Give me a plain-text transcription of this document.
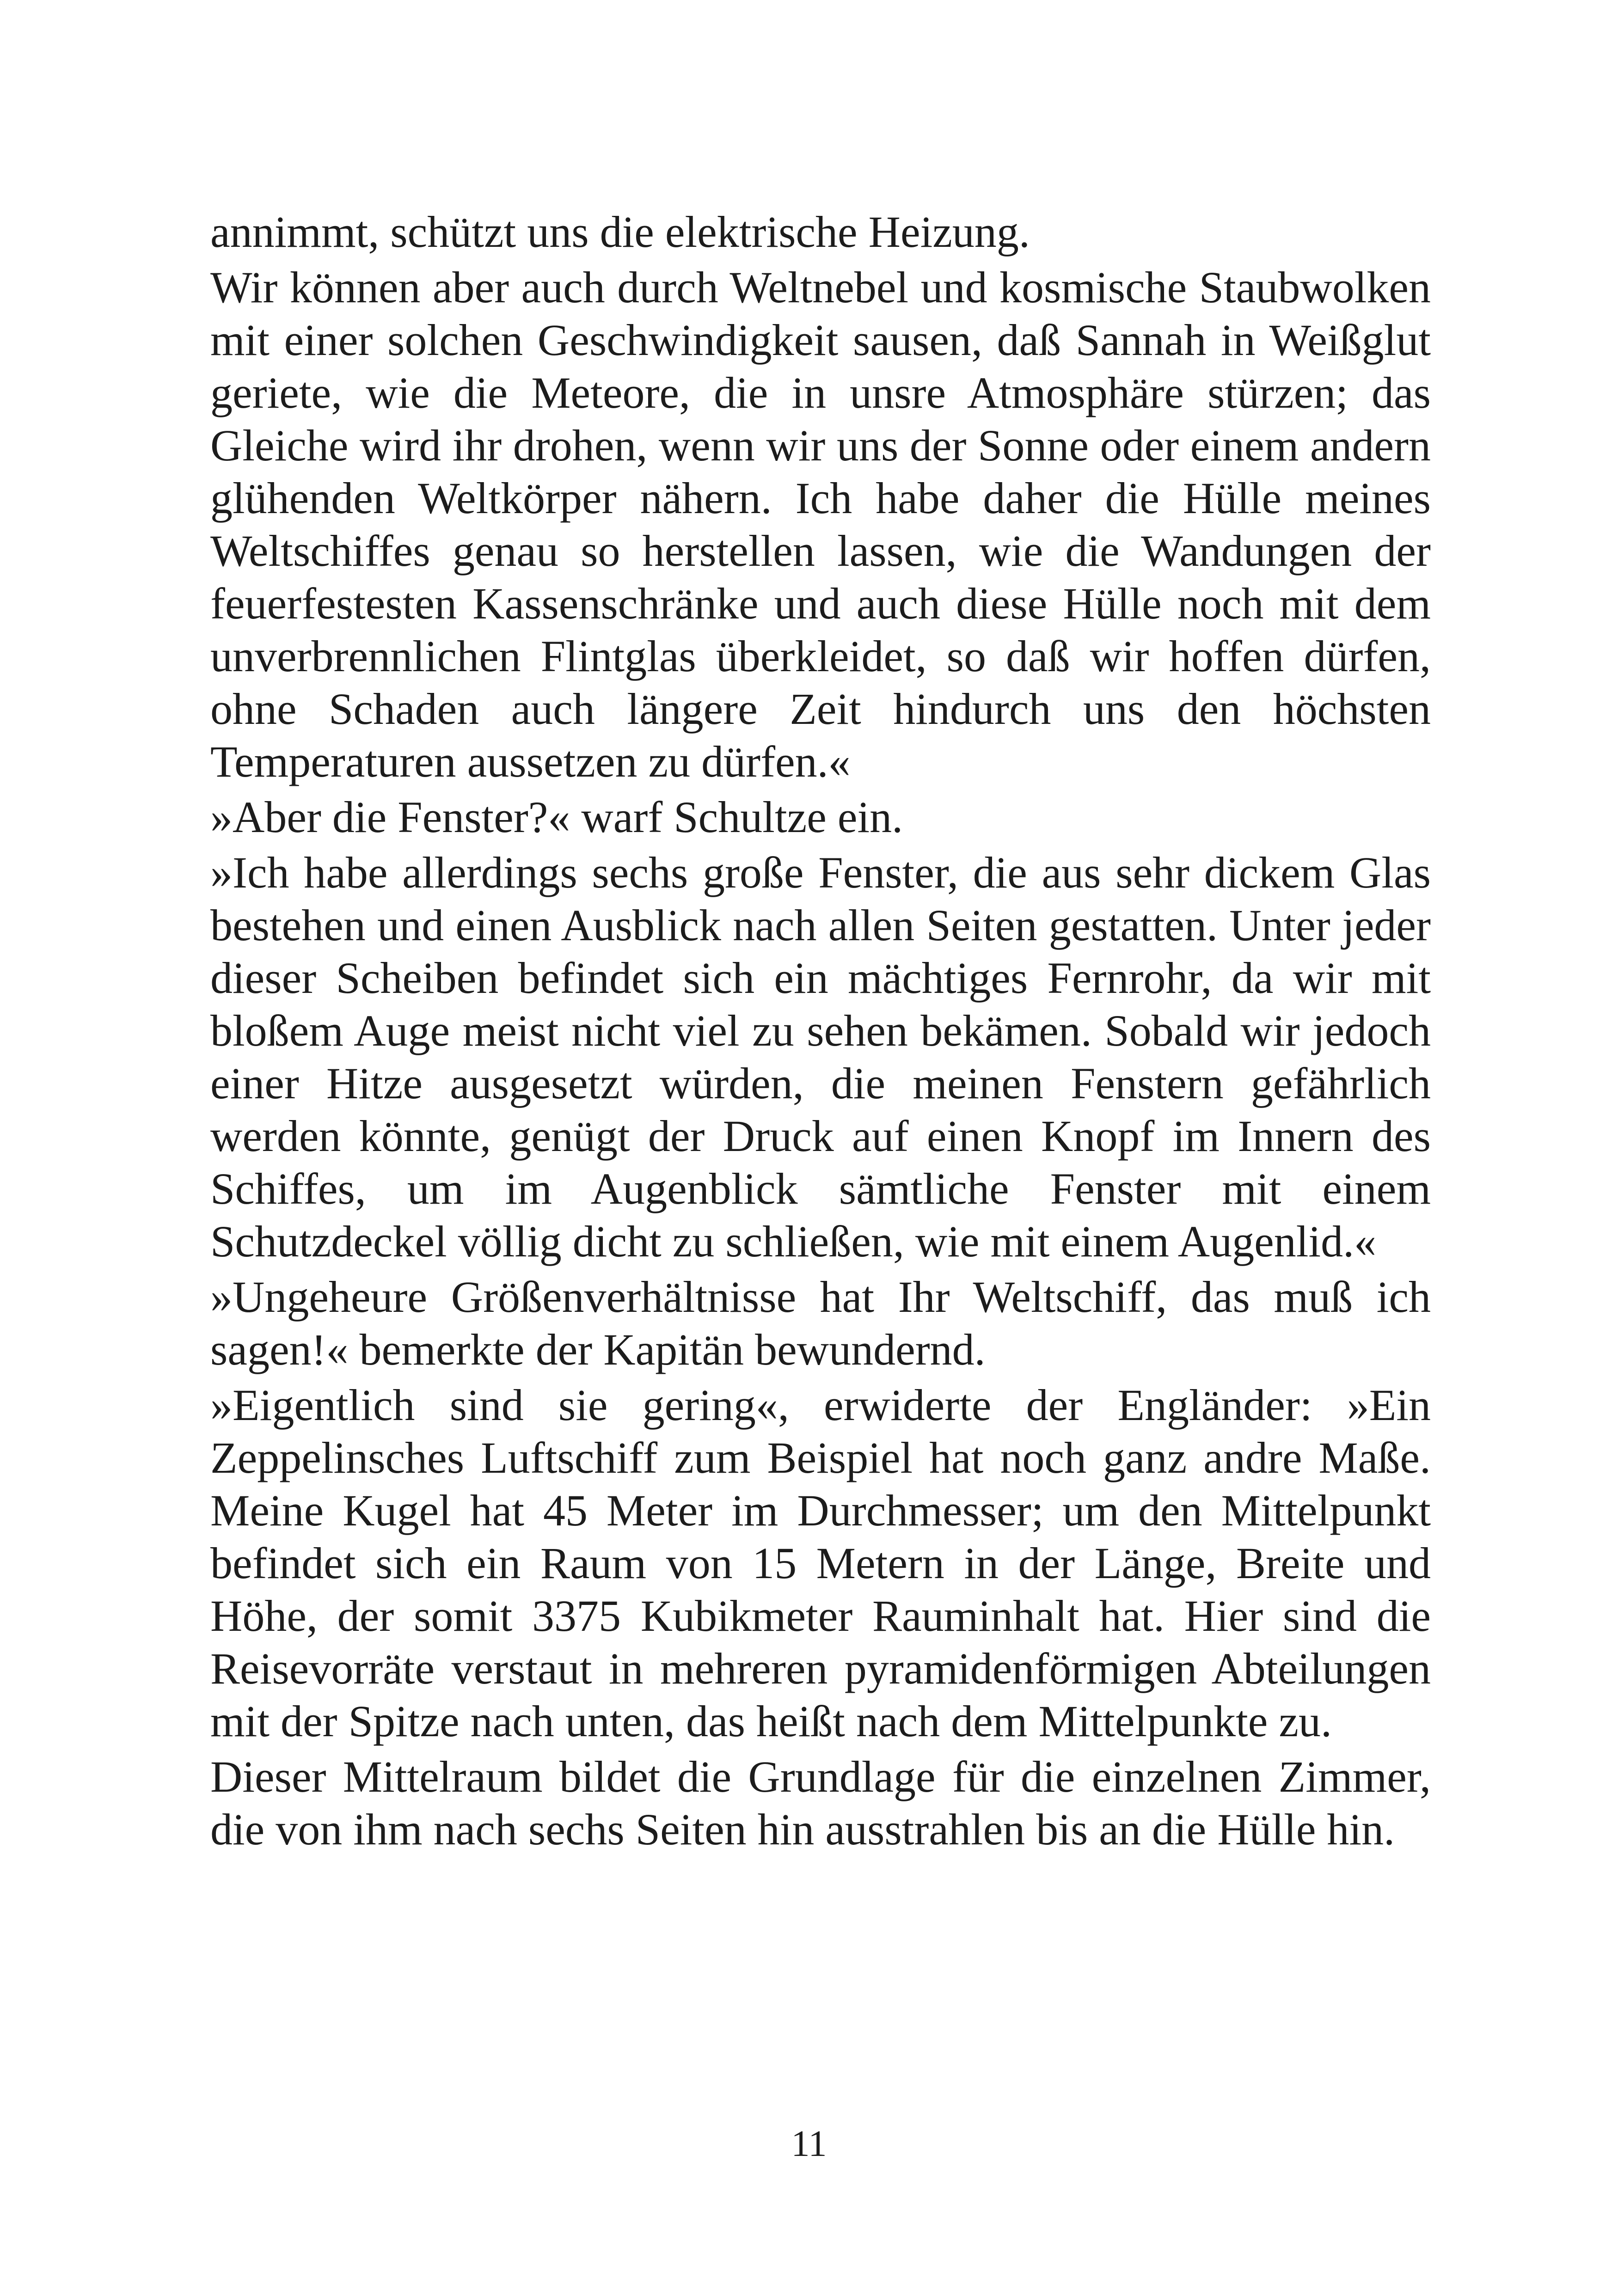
annimmt, schützt uns die elektrische Heizung.

Wir können aber auch durch Weltnebel und kosmische Staubwolken mit einer solchen Geschwindigkeit sausen, daß Sannah in Weißglut geriete, wie die Meteore, die in unsre Atmosphäre stürzen; das Gleiche wird ihr drohen, wenn wir uns der Sonne oder einem andern glühenden Weltkörper nähern. Ich habe daher die Hülle meines Weltschiffes genau so herstellen lassen, wie die Wandungen der feuerfestesten Kassenschränke und auch diese Hülle noch mit dem unverbrennlichen Flintglas überkleidet, so daß wir hoffen dürfen, ohne Schaden auch längere Zeit hindurch uns den höchsten Temperaturen aussetzen zu dürfen.«

»Aber die Fenster?« warf Schultze ein.

»Ich habe allerdings sechs große Fenster, die aus sehr dickem Glas bestehen und einen Ausblick nach allen Seiten gestatten. Unter jeder dieser Scheiben befindet sich ein mächtiges Fernrohr, da wir mit bloßem Auge meist nicht viel zu sehen bekämen. Sobald wir jedoch einer Hitze ausgesetzt würden, die meinen Fenstern gefährlich werden könnte, genügt der Druck auf einen Knopf im Innern des Schiffes, um im Augenblick sämtliche Fenster mit einem Schutzdeckel völlig dicht zu schließen, wie mit einem Augenlid.«

»Ungeheure Größenverhältnisse hat Ihr Weltschiff, das muß ich sagen!« bemerkte der Kapitän bewundernd.

»Eigentlich sind sie gering«, erwiderte der Engländer: »Ein Zeppelinsches Luftschiff zum Beispiel hat noch ganz andre Maße. Meine Kugel hat 45 Meter im Durchmesser; um den Mittelpunkt befindet sich ein Raum von 15 Metern in der Länge, Breite und Höhe, der somit 3375 Kubikmeter Rauminhalt hat. Hier sind die Reisevorräte verstaut in mehreren pyramidenförmigen Abteilungen mit der Spitze nach unten, das heißt nach dem Mittelpunkte zu.

Dieser Mittelraum bildet die Grundlage für die einzelnen Zimmer, die von ihm nach sechs Seiten hin ausstrahlen bis an die Hülle hin.

11
